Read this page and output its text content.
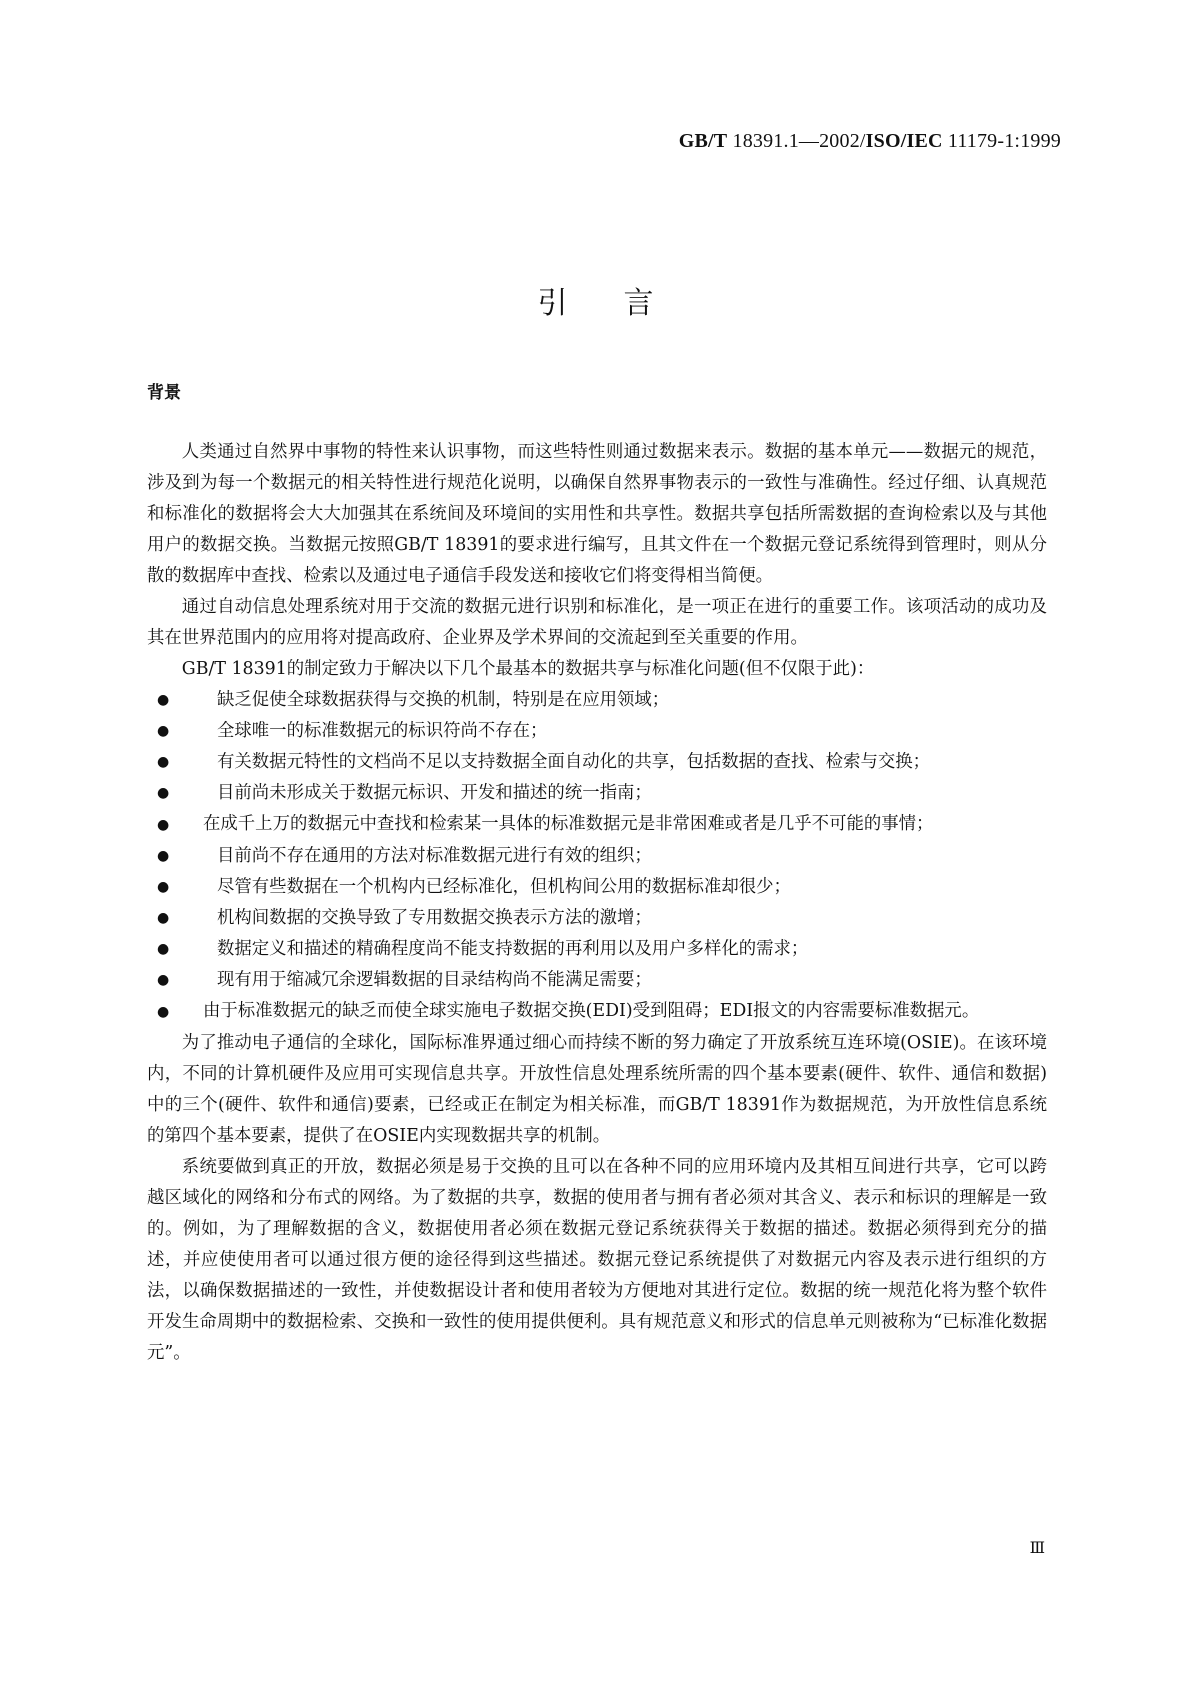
GB/T 18391.1—2002/ISO/IEC 11179-1:1999
引言
背景

人类通过自然界中事物的特性来认识事物，而这些特性则通过数据来表示。数据的基本单元——数据元的规范，涉及到为每一个数据元的相关特性进行规范化说明，以确保自然界事物表示的一致性与准确性。经过仔细、认真规范和标准化的数据将会大大加强其在系统间及环境间的实用性和共享性。数据共享包括所需数据的查询检索以及与其他用户的数据交换。当数据元按照GB/T 18391的要求进行编写，且其文件在一个数据元登记系统得到管理时，则从分散的数据库中查找、检索以及通过电子通信手段发送和接收它们将变得相当简便。

通过自动信息处理系统对用于交流的数据元进行识别和标准化，是一项正在进行的重要工作。该项活动的成功及其在世界范围内的应用将对提高政府、企业界及学术界间的交流起到至关重要的作用。

GB/T 18391的制定致力于解决以下几个最基本的数据共享与标准化问题(但不仅限于此)：

●	缺乏促使全球数据获得与交换的机制，特别是在应用领域；
●	全球唯一的标准数据元的标识符尚不存在；
●	有关数据元特性的文档尚不足以支持数据全面自动化的共享，包括数据的查找、检索与交换；
●	目前尚未形成关于数据元标识、开发和描述的统一指南；
● 在成千上万的数据元中查找和检索某一具体的标准数据元是非常困难或者是几乎不可能的事情；
●	目前尚不存在通用的方法对标准数据元进行有效的组织；
●	尽管有些数据在一个机构内已经标准化，但机构间公用的数据标准却很少；
●	机构间数据的交换导致了专用数据交换表示方法的激增；
●	数据定义和描述的精确程度尚不能支持数据的再利用以及用户多样化的需求；
●	现有用于缩减冗余逻辑数据的目录结构尚不能满足需要；
● 由于标准数据元的缺乏而使全球实施电子数据交换(EDI)受到阻碍；EDI报文的内容需要标准数据元。

为了推动电子通信的全球化，国际标准界通过细心而持续不断的努力确定了开放系统互连环境(OSIE)。在该环境内，不同的计算机硬件及应用可实现信息共享。开放性信息处理系统所需的四个基本要素(硬件、软件、通信和数据)中的三个(硬件、软件和通信)要素，已经或正在制定为相关标准，而GB/T 18391作为数据规范，为开放性信息系统的第四个基本要素，提供了在OSIE内实现数据共享的机制。

系统要做到真正的开放，数据必须是易于交换的且可以在各种不同的应用环境内及其相互间进行共享，它可以跨越区域化的网络和分布式的网络。为了数据的共享，数据的使用者与拥有者必须对其含义、表示和标识的理解是一致的。例如，为了理解数据的含义，数据使用者必须在数据元登记系统获得关于数据的描述。数据必须得到充分的描述，并应使使用者可以通过很方便的途径得到这些描述。数据元登记系统提供了对数据元内容及表示进行组织的方法，以确保数据描述的一致性，并使数据设计者和使用者较为方便地对其进行定位。数据的统一规范化将为整个软件开发生命周期中的数据检索、交换和一致性的使用提供便利。具有规范意义和形式的信息单元则被称为“已标准化数据元”。

Ⅲ
